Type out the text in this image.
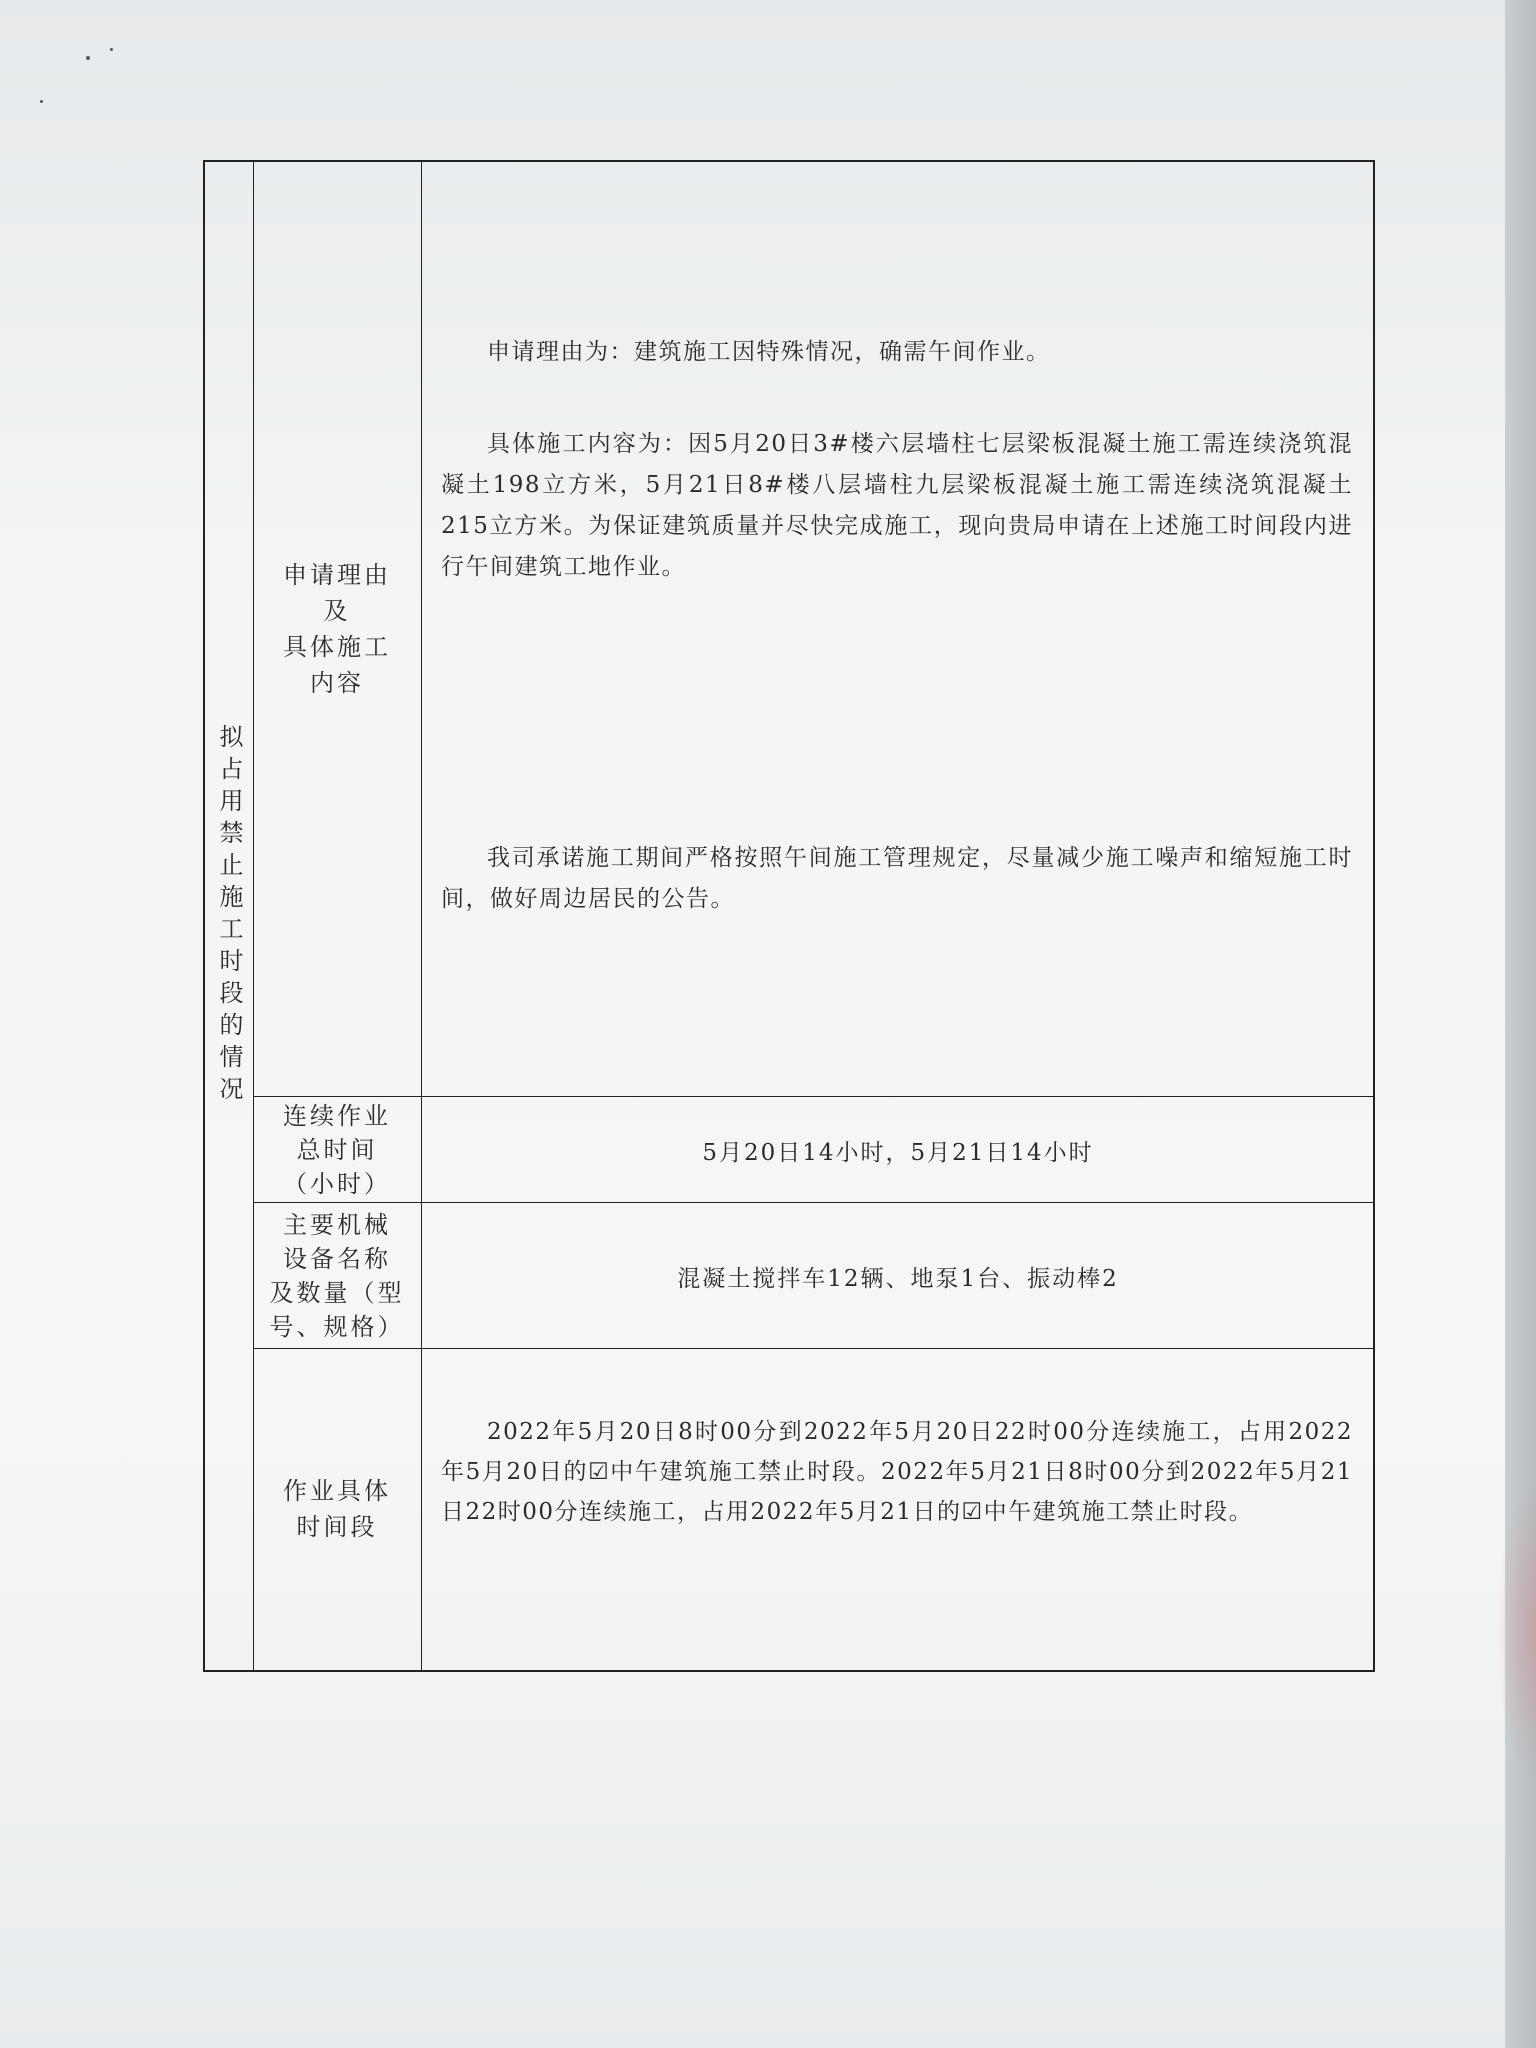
拟占用禁止施工时段的情况
申请理由
及
具体施工
内容
申请理由为：建筑施工因特殊情况，确需午间作业。
具体施工内容为：因5月20日3#楼六层墙柱七层梁板混凝土施工需连续浇筑混凝土198立方米，5月21日8#楼八层墙柱九层梁板混凝土施工需连续浇筑混凝土215立方米。为保证建筑质量并尽快完成施工，现向贵局申请在上述施工时间段内进行午间建筑工地作业。
我司承诺施工期间严格按照午间施工管理规定，尽量减少施工噪声和缩短施工时间，做好周边居民的公告。
连续作业
总时间
（小时）
5月20日14小时，5月21日14小时
主要机械
设备名称
及数量（型
号、规格）
混凝土搅拌车12辆、地泵1台、振动棒2
作业具体
时间段
2022年5月20日8时00分到2022年5月20日22时00分连续施工，占用2022年5月20日的☑中午建筑施工禁止时段。2022年5月21日8时00分到2022年5月21日22时00分连续施工，占用2022年5月21日的☑中午建筑施工禁止时段。
